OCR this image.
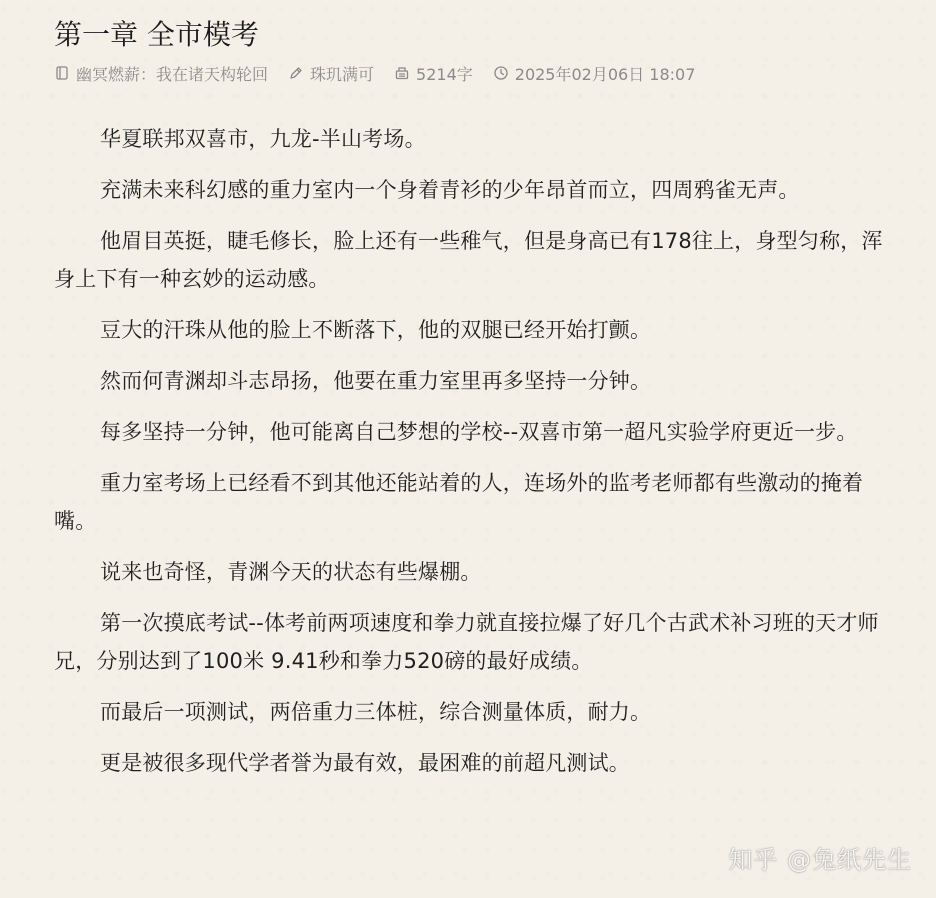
第一章 全市模考
幽冥燃薪：我在诸天构轮回	珠玑满可	5214字	2025年02月06日 18:07

华夏联邦双喜市，九龙-半山考场。

充满未来科幻感的重力室内一个身着青衫的少年昂首而立，四周鸦雀无声。

他眉目英挺，睫毛修长，脸上还有一些稚气，但是身高已有178往上，身型匀称，浑身上下有一种玄妙的运动感。

豆大的汗珠从他的脸上不断落下，他的双腿已经开始打颤。

然而何青渊却斗志昂扬，他要在重力室里再多坚持一分钟。

每多坚持一分钟，他可能离自己梦想的学校--双喜市第一超凡实验学府更近一步。

重力室考场上已经看不到其他还能站着的人，连场外的监考老师都有些激动的掩着嘴。

说来也奇怪，青渊今天的状态有些爆棚。

第一次摸底考试--体考前两项速度和拳力就直接拉爆了好几个古武术补习班的天才师兄，分别达到了100米 9.41秒和拳力520磅的最好成绩。

而最后一项测试，两倍重力三体桩，综合测量体质，耐力。

更是被很多现代学者誉为最有效，最困难的前超凡测试。

知乎 @兔纸先生
